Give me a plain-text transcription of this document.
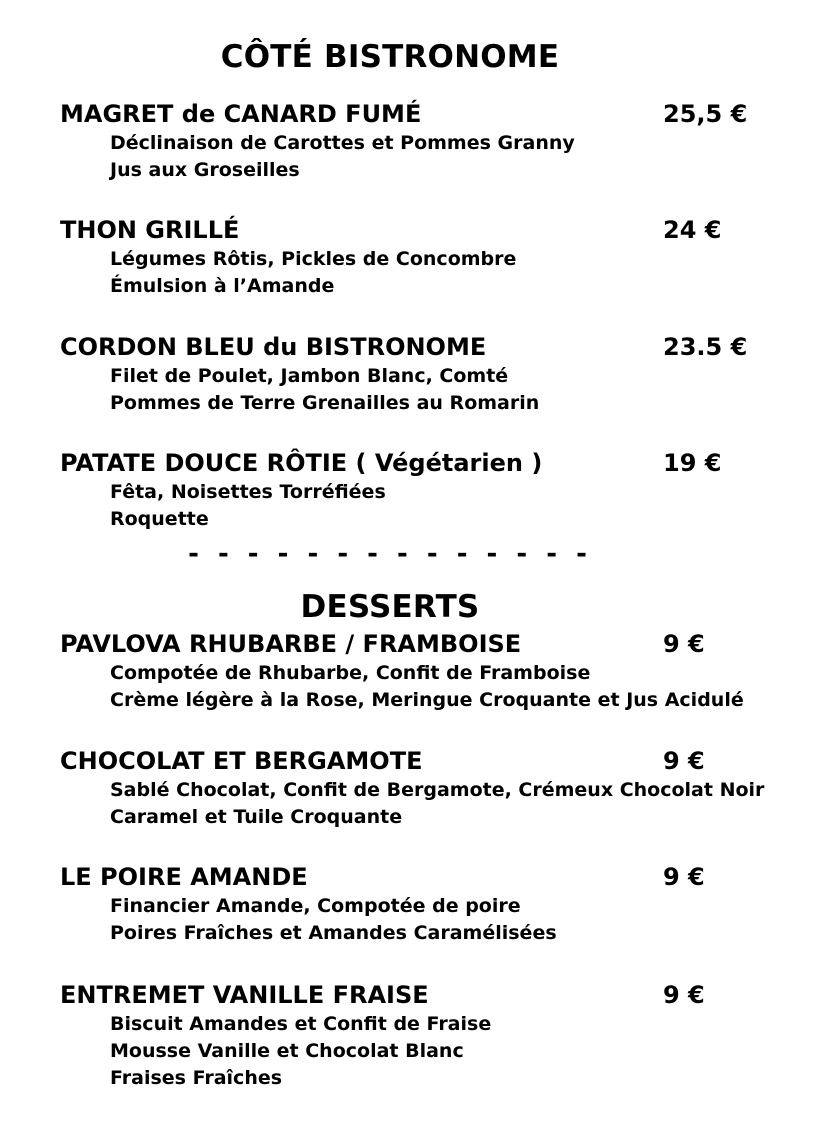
CÔTÉ BISTRONOME
MAGRET de CANARD FUMÉ	25,5 €
Déclinaison de Carottes et Pommes Granny
Jus aux Groseilles
THON GRILLÉ	24 €
Légumes Rôtis, Pickles de Concombre
Émulsion à l’Amande
CORDON BLEU du BISTRONOME	23.5 €
Filet de Poulet, Jambon Blanc, Comté
Pommes de Terre Grenailles au Romarin
PATATE DOUCE RÔTIE ( Végétarien )	19 €
Fêta, Noisettes Torréfiées
Roquette
- - - - - - - - - - - - - -
DESSERTS
PAVLOVA RHUBARBE / FRAMBOISE	9 €
Compotée de Rhubarbe, Confit de Framboise
Crème légère à la Rose, Meringue Croquante et Jus Acidulé
CHOCOLAT ET BERGAMOTE	9 €
Sablé Chocolat, Confit de Bergamote, Crémeux Chocolat Noir
Caramel et Tuile Croquante
LE POIRE AMANDE	9 €
Financier Amande, Compotée de poire
Poires Fraîches et Amandes Caramélisées
ENTREMET VANILLE FRAISE	9 €
Biscuit Amandes et Confit de Fraise
Mousse Vanille et Chocolat Blanc
Fraises Fraîches
